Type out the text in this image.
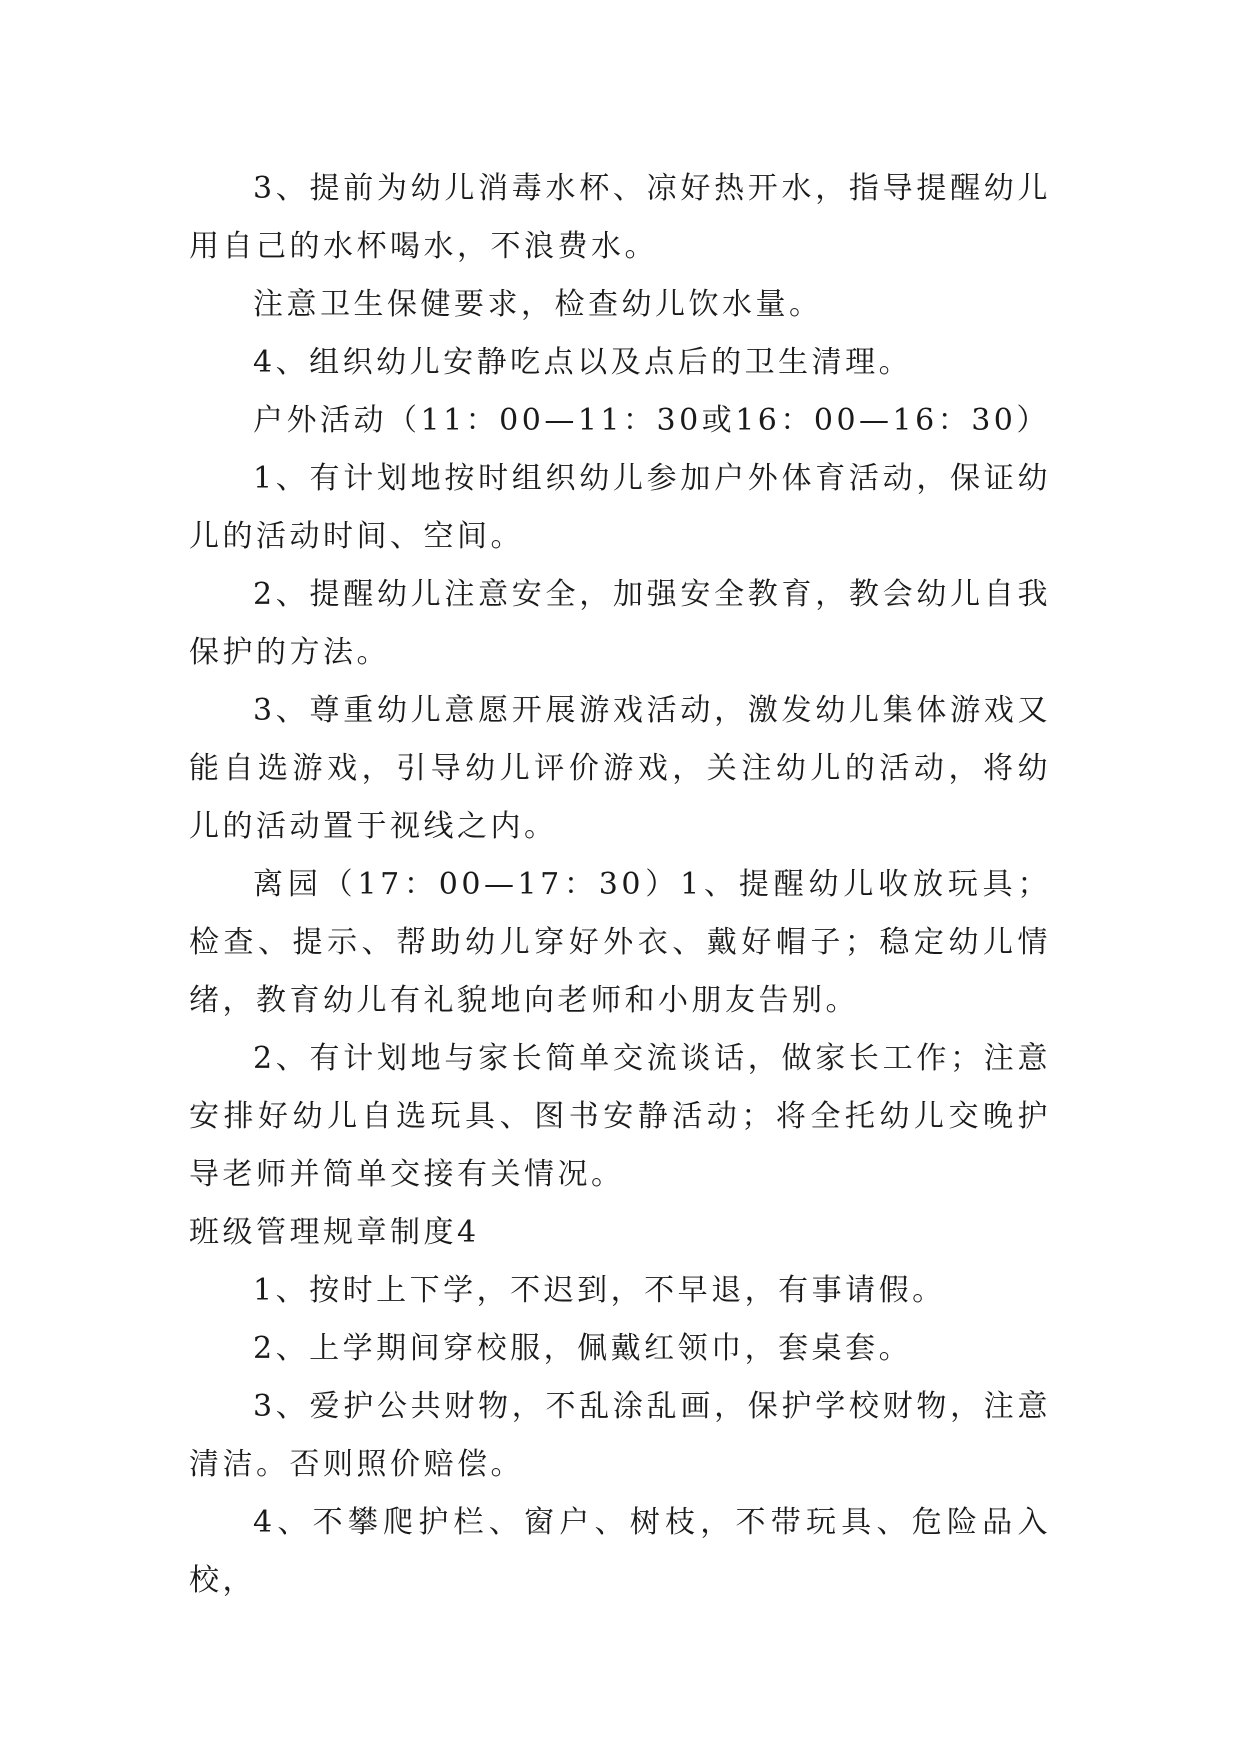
3、提前为幼儿消毒水杯、凉好热开水，指导提醒幼儿用自己的水杯喝水，不浪费水。

注意卫生保健要求，检查幼儿饮水量。

4、组织幼儿安静吃点以及点后的卫生清理。

户外活动（11：00—11：30或16：00—16：30）

1、有计划地按时组织幼儿参加户外体育活动，保证幼儿的活动时间、空间。

2、提醒幼儿注意安全，加强安全教育，教会幼儿自我保护的方法。

3、尊重幼儿意愿开展游戏活动，激发幼儿集体游戏又能自选游戏，引导幼儿评价游戏，关注幼儿的活动，将幼儿的活动置于视线之内。

离园（17：00—17：30）1、提醒幼儿收放玩具；检查、提示、帮助幼儿穿好外衣、戴好帽子；稳定幼儿情绪，教育幼儿有礼貌地向老师和小朋友告别。

2、有计划地与家长简单交流谈话，做家长工作；注意安排好幼儿自选玩具、图书安静活动；将全托幼儿交晚护导老师并简单交接有关情况。

班级管理规章制度4

1、按时上下学，不迟到，不早退，有事请假。

2、上学期间穿校服，佩戴红领巾，套桌套。

3、爱护公共财物，不乱涂乱画，保护学校财物，注意清洁。否则照价赔偿。

4、不攀爬护栏、窗户、树枝，不带玩具、危险品入校，
